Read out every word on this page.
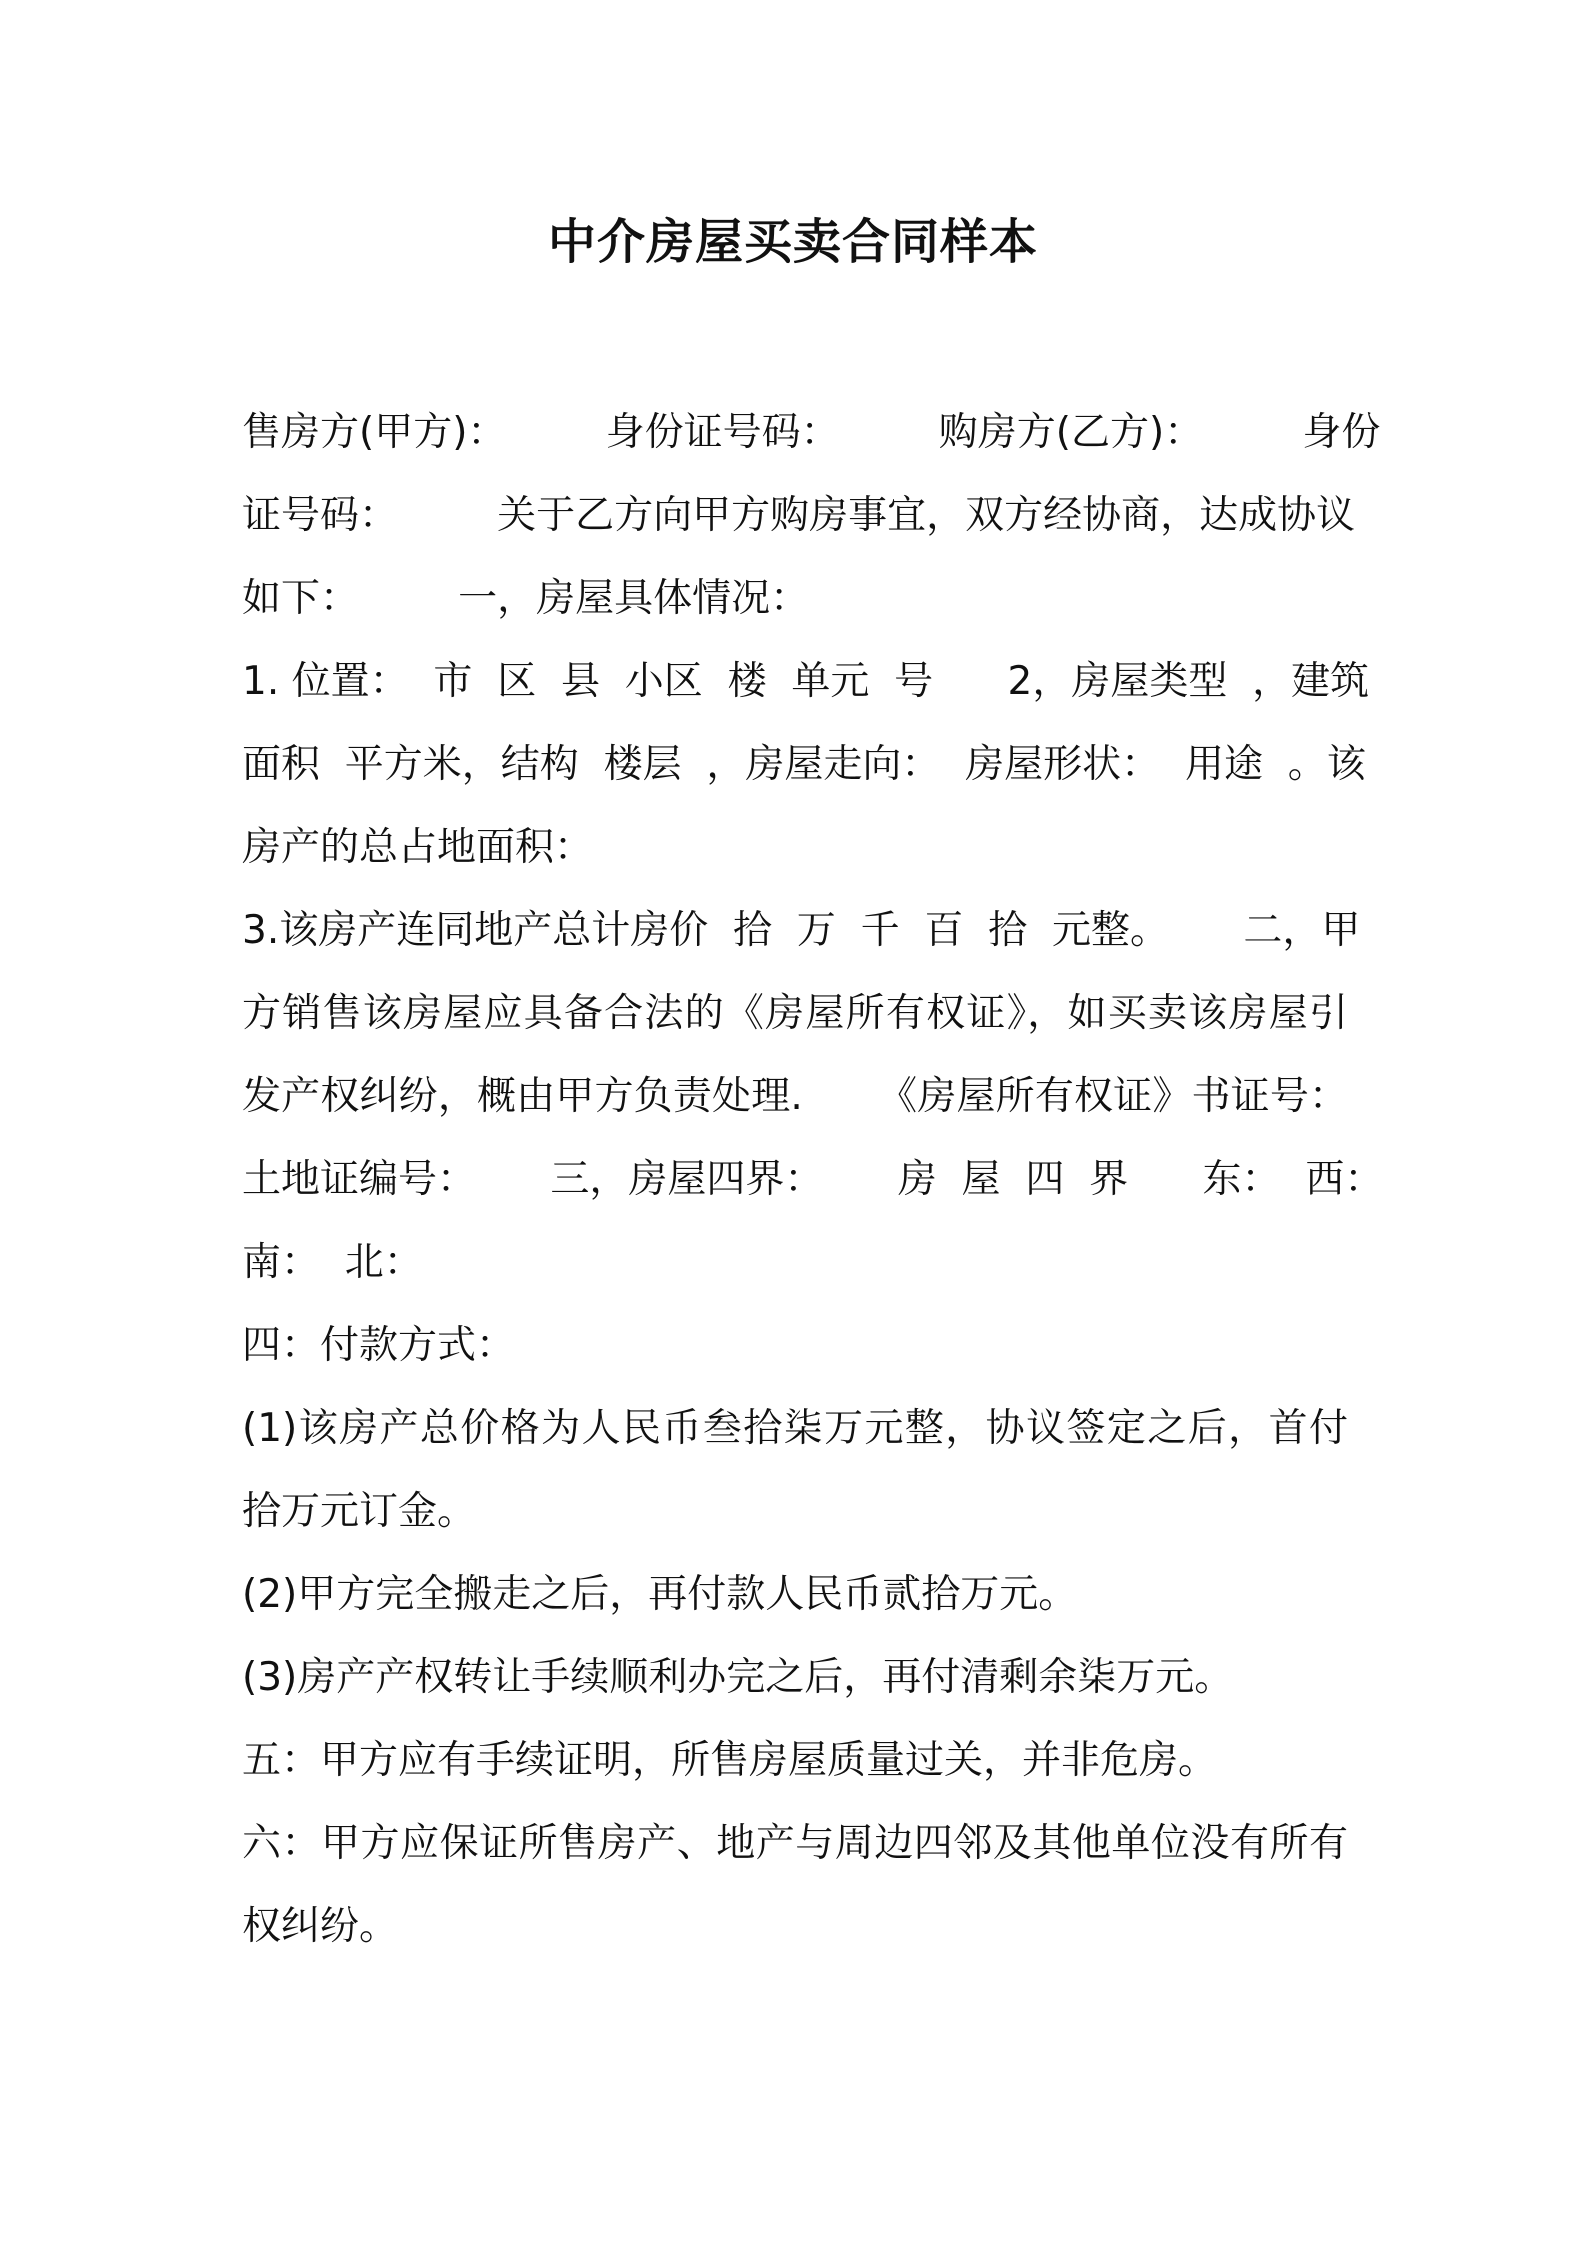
中介房屋买卖合同样本
售房方(甲方)：        身份证号码：        购房方(乙方)：        身份
证号码：        关于乙方向甲方购房事宜，双方经协商，达成协议
如下：        一，房屋具体情况：
1. 位置：  市  区  县  小区  楼  单元  号      2，房屋类型  ，建筑
面积  平方米，结构  楼层  ，房屋走向：  房屋形状：  用途  。该
房产的总占地面积：
3.该房产连同地产总计房价  拾  万  千  百  拾  元整。      二，甲
方销售该房屋应具备合法的《房屋所有权证》，如买卖该房屋引
发产权纠纷，概由甲方负责处理.      《房屋所有权证》书证号：
土地证编号：      三，房屋四界：      房  屋  四  界      东：  西：
南：  北：
四：付款方式：
(1)该房产总价格为人民币叁拾柒万元整，协议签定之后，首付
拾万元订金。
(2)甲方完全搬走之后，再付款人民币贰拾万元。
(3)房产产权转让手续顺利办完之后，再付清剩余柒万元。
五：甲方应有手续证明，所售房屋质量过关，并非危房。
六：甲方应保证所售房产、地产与周边四邻及其他单位没有所有
权纠纷。
